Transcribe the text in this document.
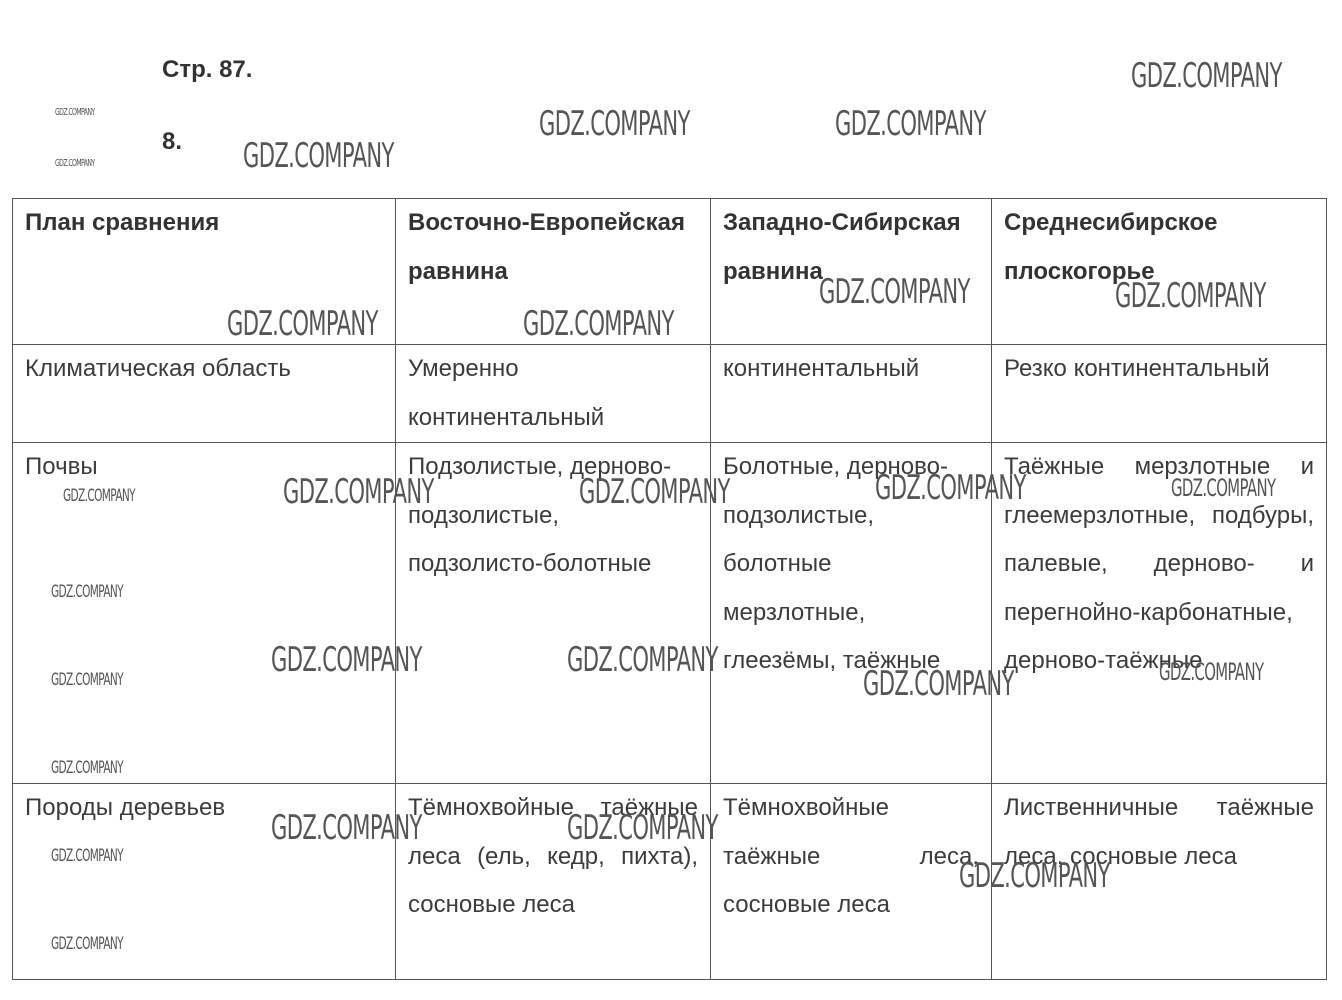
Стр. 87.
8.
План сравнения	Восточно-Европейская равнина	Западно-Сибирская равнина	Среднесибирское плоскогорье
Климатическая область	Умеренно континентальный	континентальный	Резко континентальный
Почвы	Подзолистые, дерново-подзолистые, подзолисто-болотные	Болотные, дерново-подзолистые, болотные мерзлотные, глеезёмы, таёжные	Таёжные мерзлотные и глеемерзлотные, подбуры, палевые, дерново- и перегнойно-карбонатные, дерново-таёжные
Породы деревьев	Тёмнохвойные таёжные леса (ель, кедр, пихта), сосновые леса	Тёмнохвойные таёжные леса, сосновые леса	Лиственничные таёжные леса, сосновые леса
GDZ.COMPANY
GDZ.COMPANY	GDZ.COMPANY
GDZ.COMPANY
GDZ.COMPANY
GDZ.COMPANY
GDZ.COMPANY	GDZ.COMPANY
GDZ.COMPANY	GDZ.COMPANY
GDZ.COMPANY	GDZ.COMPANY	GDZ.COMPANY	GDZ.COMPANY
GDZ.COMPANY
GDZ.COMPANY
GDZ.COMPANY	GDZ.COMPANY
GDZ.COMPANY	GDZ.COMPANY
GDZ.COMPANY
GDZ.COMPANY
GDZ.COMPANY	GDZ.COMPANY
GDZ.COMPANY
GDZ.COMPANY
GDZ.COMPANY
